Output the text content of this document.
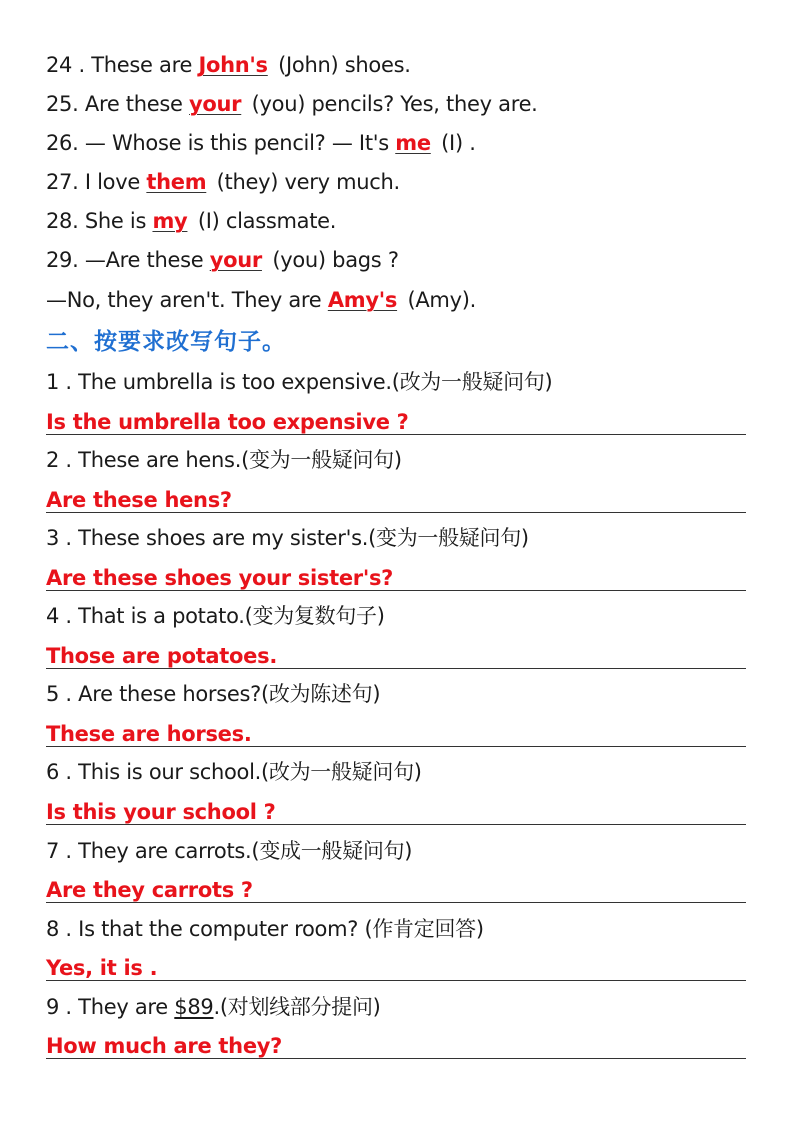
24 . These are John's (John) shoes.
25. Are these your (you) pencils? Yes, they are.
26. — Whose is this pencil? — It's me (I) .
27. I love them (they) very much.
28. She is my (I) classmate.
29. —Are these your (you) bags ?
—No, they aren't. They are Amy's (Amy).
二、按要求改写句子。
1 . The umbrella is too expensive.(改为一般疑问句)
Is the umbrella too expensive ?
2 . These are hens.(变为一般疑问句)
Are these hens?
3 . These shoes are my sister's.(变为一般疑问句)
Are these shoes your sister's?
4 . That is a potato.(变为复数句子)
Those are potatoes.
5 . Are these horses?(改为陈述句)
These are horses.
6 . This is our school.(改为一般疑问句)
Is this your school ?
7 . They are carrots.(变成一般疑问句)
Are they carrots ?
8 . Is that the computer room? (作肯定回答)
Yes, it is .
9 . They are $89.(对划线部分提问)
How much are they?
